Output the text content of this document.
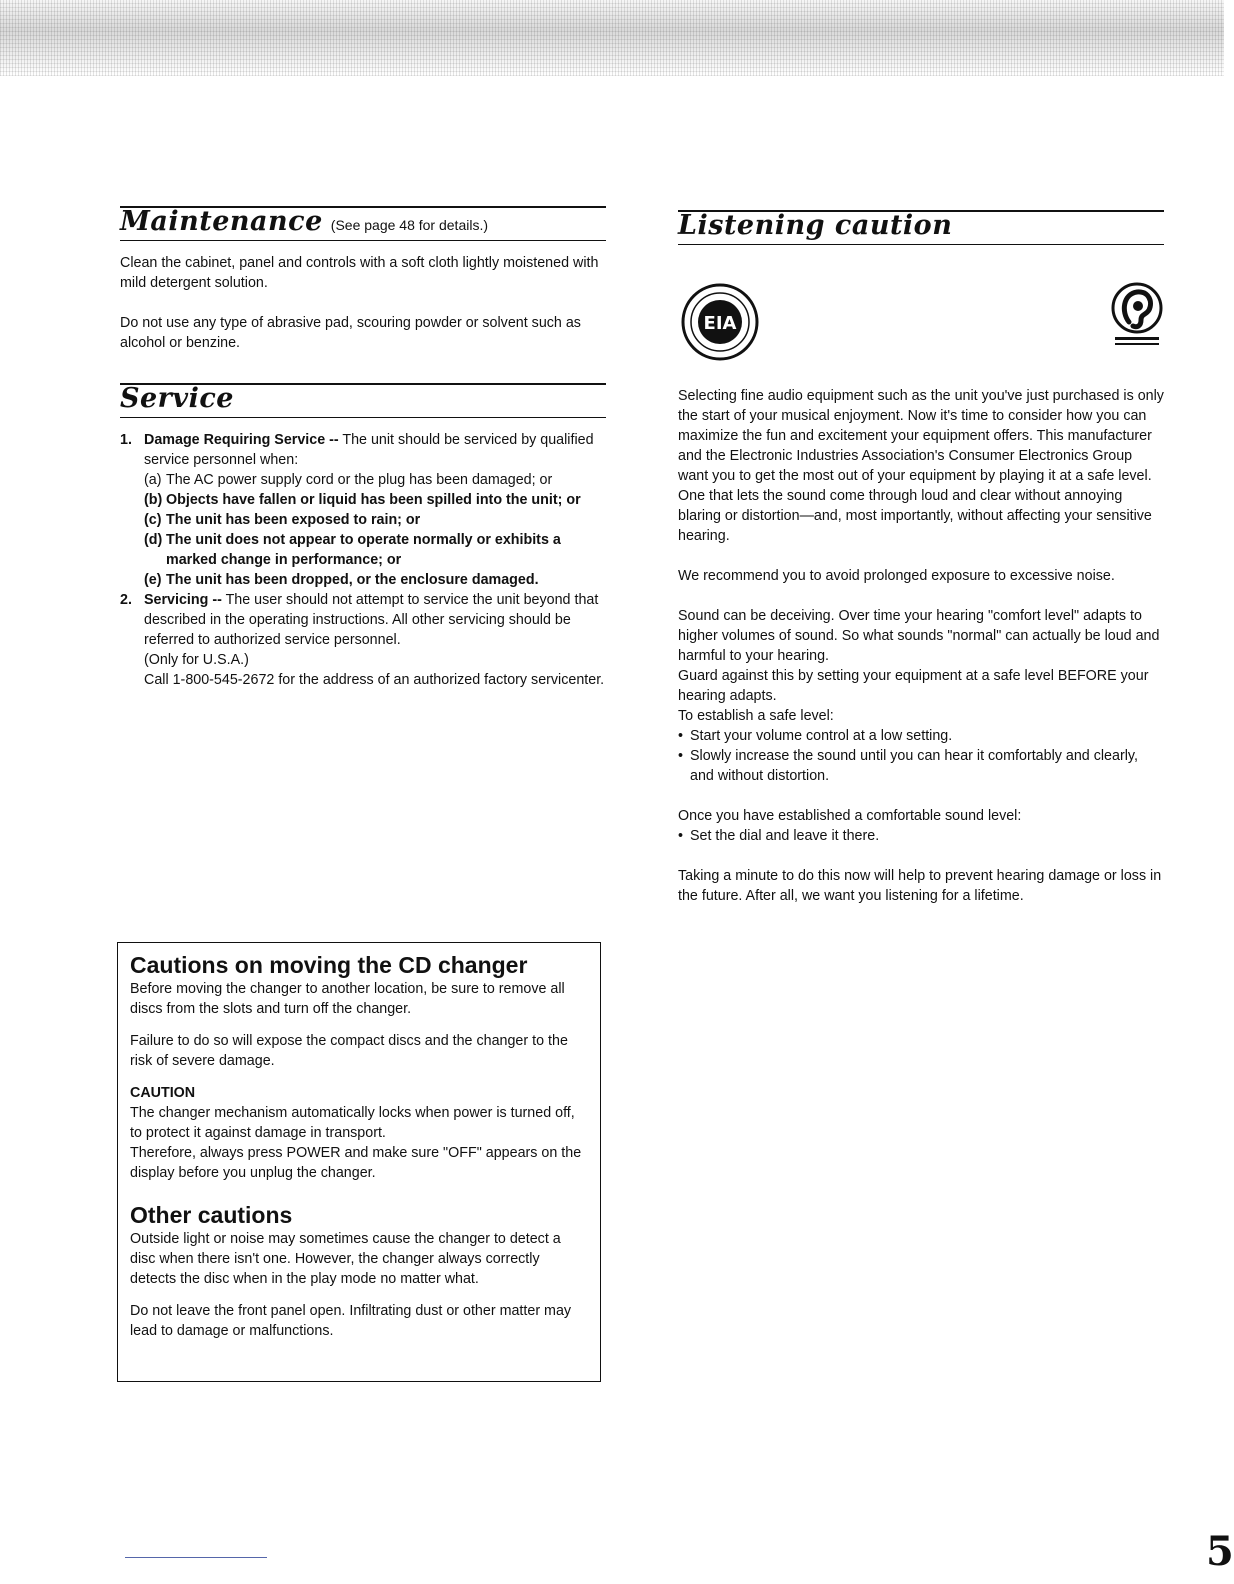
Maintenance (See page 48 for details.)

Clean the cabinet, panel and controls with a soft cloth lightly moistened with mild detergent solution.

Do not use any type of abrasive pad, scouring powder or solvent such as alcohol or benzine.

Service
1. Damage Requiring Service -- The unit should be serviced by qualified service personnel when:
(a) The AC power supply cord or the plug has been damaged; or
(b) Objects have fallen or liquid has been spilled into the unit; or
(c) The unit has been exposed to rain; or
(d) The unit does not appear to operate normally or exhibits a marked change in performance; or
(e) The unit has been dropped, or the enclosure damaged.
2. Servicing -- The user should not attempt to service the unit beyond that described in the operating instructions. All other servicing should be referred to authorized service personnel.
(Only for U.S.A.)
Call 1-800-545-2672 for the address of an authorized factory servicenter.

Cautions on moving the CD changer

Before moving the changer to another location, be sure to remove all discs from the slots and turn off the changer.

Failure to do so will expose the compact discs and the changer to the risk of severe damage.

CAUTION

The changer mechanism automatically locks when power is turned off, to protect it against damage in transport.

Therefore, always press POWER and make sure "OFF" appears on the display before you unplug the changer.

Other cautions

Outside light or noise may sometimes cause the changer to detect a disc when there isn't one. However, the changer always correctly detects the disc when in the play mode no matter what.

Do not leave the front panel open. Infiltrating dust or other matter may lead to damage or malfunctions.

Listening caution
EIA

Selecting fine audio equipment such as the unit you've just purchased is only the start of your musical enjoyment. Now it's time to consider how you can maximize the fun and excitement your equipment offers. This manufacturer and the Electronic Industries Association's Consumer Electronics Group want you to get the most out of your equipment by playing it at a safe level. One that lets the sound come through loud and clear without annoying blaring or distortion—and, most importantly, without affecting your sensitive hearing.

We recommend you to avoid prolonged exposure to excessive noise.

Sound can be deceiving. Over time your hearing "comfort level" adapts to higher volumes of sound. So what sounds "normal" can actually be loud and harmful to your hearing.

Guard against this by setting your equipment at a safe level BEFORE your hearing adapts.

To establish a safe level:

• Start your volume control at a low setting.
• Slowly increase the sound until you can hear it comfortably and clearly, and without distortion.

Once you have established a comfortable sound level:

• Set the dial and leave it there.

Taking a minute to do this now will help to prevent hearing damage or loss in the future. After all, we want you listening for a lifetime.

5
